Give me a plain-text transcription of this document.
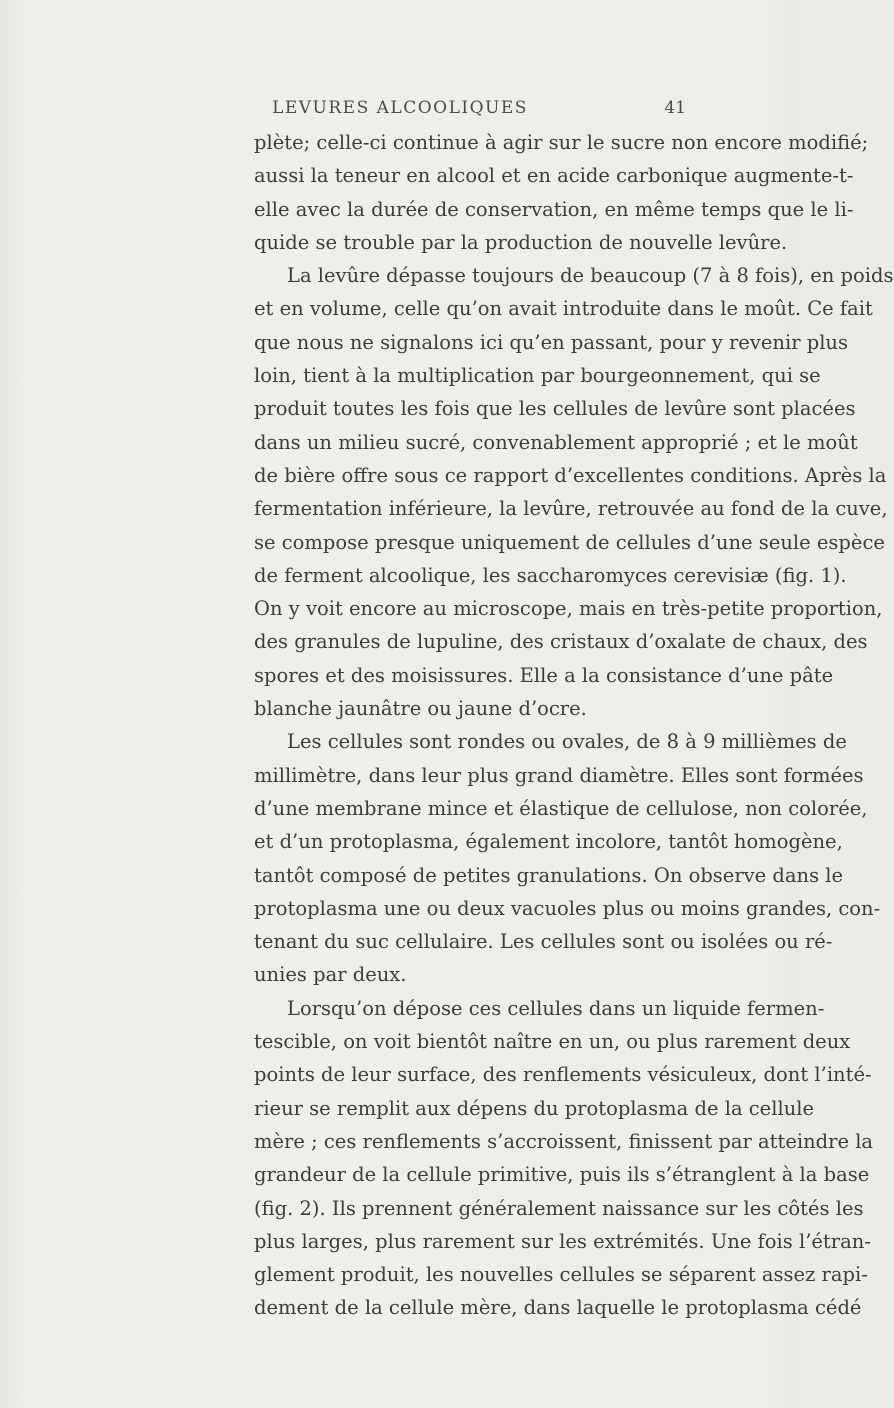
LEVURES ALCOOLIQUES	41
plète; celle-ci continue à agir sur le sucre non encore modifié;
aussi la teneur en alcool et en acide carbonique augmente-t-
elle avec la durée de conservation, en même temps que le li-
quide se trouble par la production de nouvelle levûre.
La levûre dépasse toujours de beaucoup (7 à 8 fois), en poids
et en volume, celle qu’on avait introduite dans le moût. Ce fait
que nous ne signalons ici qu’en passant, pour y revenir plus
loin, tient à la multiplication par bourgeonnement, qui se
produit toutes les fois que les cellules de levûre sont placées
dans un milieu sucré, convenablement approprié ; et le moût
de bière offre sous ce rapport d’excellentes conditions. Après la
fermentation inférieure, la levûre, retrouvée au fond de la cuve,
se compose presque uniquement de cellules d’une seule espèce
de ferment alcoolique, les saccharomyces cerevisiæ (fig. 1).
On y voit encore au microscope, mais en très-petite proportion,
des granules de lupuline, des cristaux d’oxalate de chaux, des
spores et des moisissures. Elle a la consistance d’une pâte
blanche jaunâtre ou jaune d’ocre.
Les cellules sont rondes ou ovales, de 8 à 9 millièmes de
millimètre, dans leur plus grand diamètre. Elles sont formées
d’une membrane mince et élastique de cellulose, non colorée,
et d’un protoplasma, également incolore, tantôt homogène,
tantôt composé de petites granulations. On observe dans le
protoplasma une ou deux vacuoles plus ou moins grandes, con-
tenant du suc cellulaire. Les cellules sont ou isolées ou ré-
unies par deux.
Lorsqu’on dépose ces cellules dans un liquide fermen-
tescible, on voit bientôt naître en un, ou plus rarement deux
points de leur surface, des renflements vésiculeux, dont l’inté-
rieur se remplit aux dépens du protoplasma de la cellule
mère ; ces renflements s’accroissent, finissent par atteindre la
grandeur de la cellule primitive, puis ils s’étranglent à la base
(fig. 2). Ils prennent généralement naissance sur les côtés les
plus larges, plus rarement sur les extrémités. Une fois l’étran-
glement produit, les nouvelles cellules se séparent assez rapi-
dement de la cellule mère, dans laquelle le protoplasma cédé
